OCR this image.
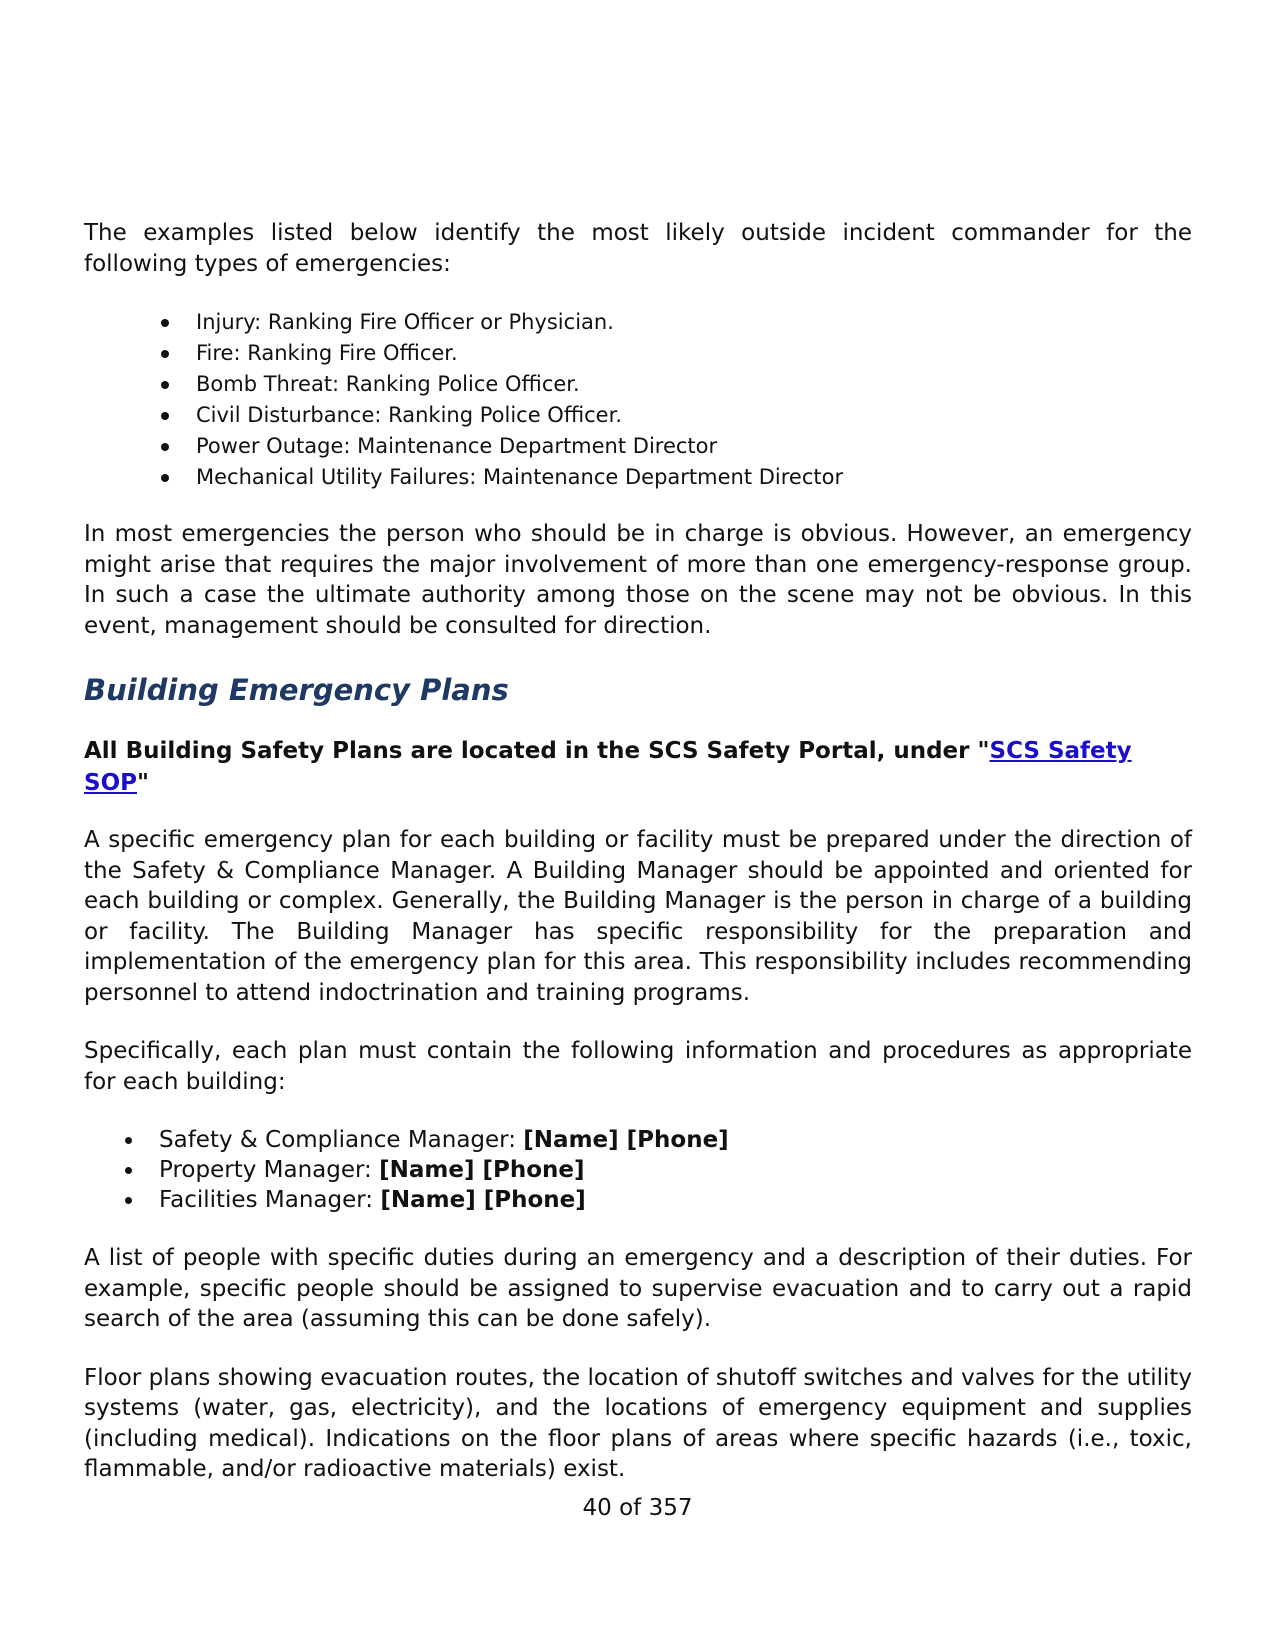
The examples listed below identify the most likely outside incident commander for the following types of emergencies:

Injury: Ranking Fire Officer or Physician.
Fire: Ranking Fire Officer.
Bomb Threat: Ranking Police Officer.
Civil Disturbance: Ranking Police Officer.
Power Outage: Maintenance Department Director
Mechanical Utility Failures: Maintenance Department Director

In most emergencies the person who should be in charge is obvious. However, an emergency might arise that requires the major involvement of more than one emergency-response group. In such a case the ultimate authority among those on the scene may not be obvious. In this event, management should be consulted for direction.

Building Emergency Plans
All Building Safety Plans are located in the SCS Safety Portal, under "SCS Safety SOP"

A specific emergency plan for each building or facility must be prepared under the direction of the Safety & Compliance Manager. A Building Manager should be appointed and oriented for each building or complex. Generally, the Building Manager is the person in charge of a building or facility. The Building Manager has specific responsibility for the preparation and implementation of the emergency plan for this area. This responsibility includes recommending personnel to attend indoctrination and training programs.

Specifically, each plan must contain the following information and procedures as appropriate for each building:

Safety & Compliance Manager: [Name] [Phone]
Property Manager: [Name] [Phone]
Facilities Manager: [Name] [Phone]

A list of people with specific duties during an emergency and a description of their duties. For example, specific people should be assigned to supervise evacuation and to carry out a rapid search of the area (assuming this can be done safely).

Floor plans showing evacuation routes, the location of shutoff switches and valves for the utility systems (water, gas, electricity), and the locations of emergency equipment and supplies (including medical). Indications on the floor plans of areas where specific hazards (i.e., toxic, flammable, and/or radioactive materials) exist.

40 of 357
